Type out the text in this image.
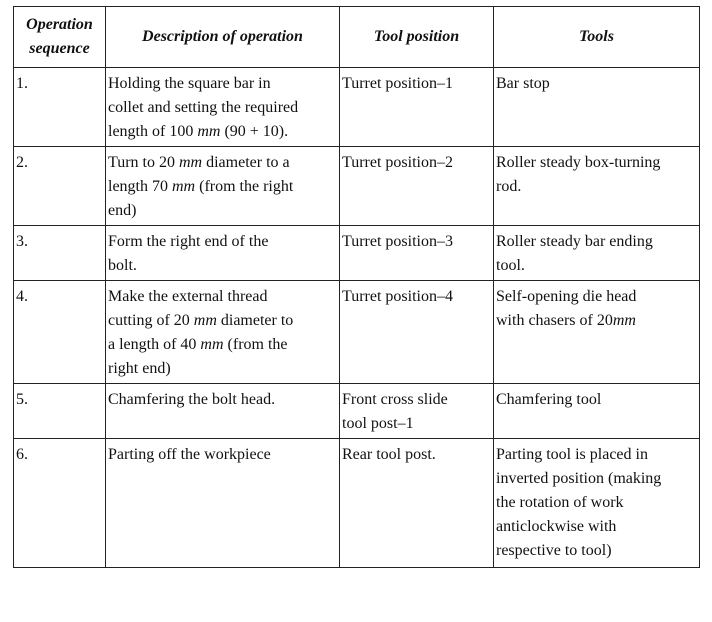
Operation
sequence	Description of operation	Tool position	Tools
1.	Holding the square bar in
collet and setting the required
length of 100 mm (90 + 10).	Turret position–1	Bar stop

2.	Turn to 20 mm diameter to a
length 70 mm (from the right
end)	Turret position–2	Roller steady box-turning
rod.

3.	Form the right end of the
bolt.	Turret position–3	Roller steady bar ending
tool.

4.	Make the external thread
cutting of 20 mm diameter to
a length of 40 mm (from the
right end)	Turret position–4	Self-opening die head
with chasers of 20mm

5.	Chamfering the bolt head.	Front cross slide
tool post–1	Chamfering tool

6.	Parting off the workpiece	Rear tool post.	Parting tool is placed in
inverted position (making
the rotation of work
anticlockwise with
respective to tool)
